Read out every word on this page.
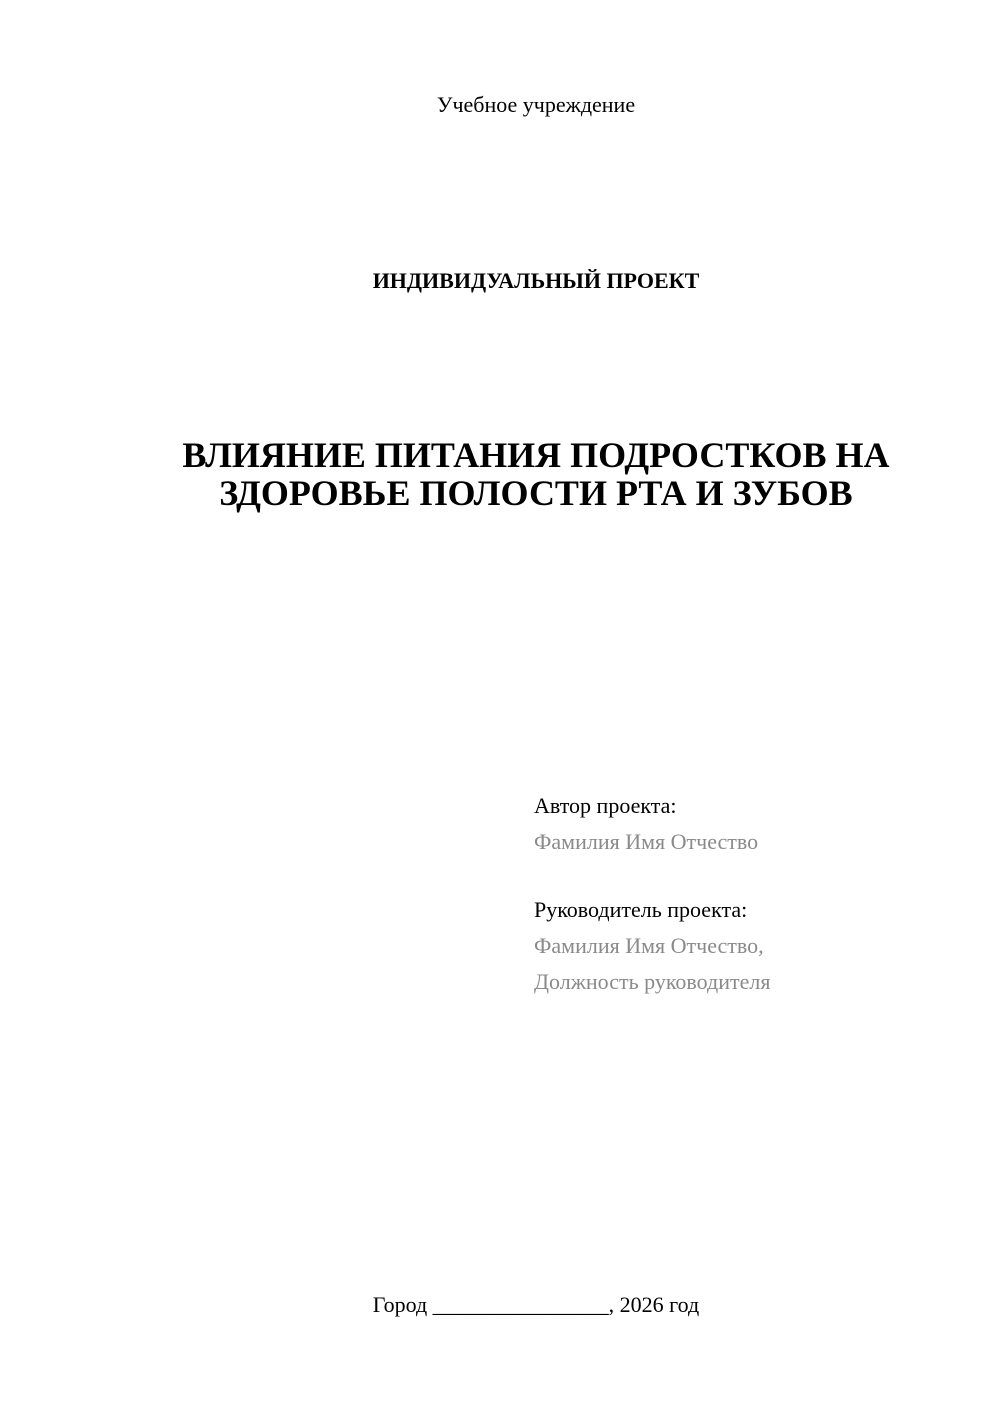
Учебное учреждение
ИНДИВИДУАЛЬНЫЙ ПРОЕКТ
ВЛИЯНИЕ ПИТАНИЯ ПОДРОСТКОВ НА
ЗДОРОВЬЕ ПОЛОСТИ РТА И ЗУБОВ
Автор проекта:
Фамилия Имя Отчество
Руководитель проекта:
Фамилия Имя Отчество,
Должность руководителя
Город ________________, 2026 год
